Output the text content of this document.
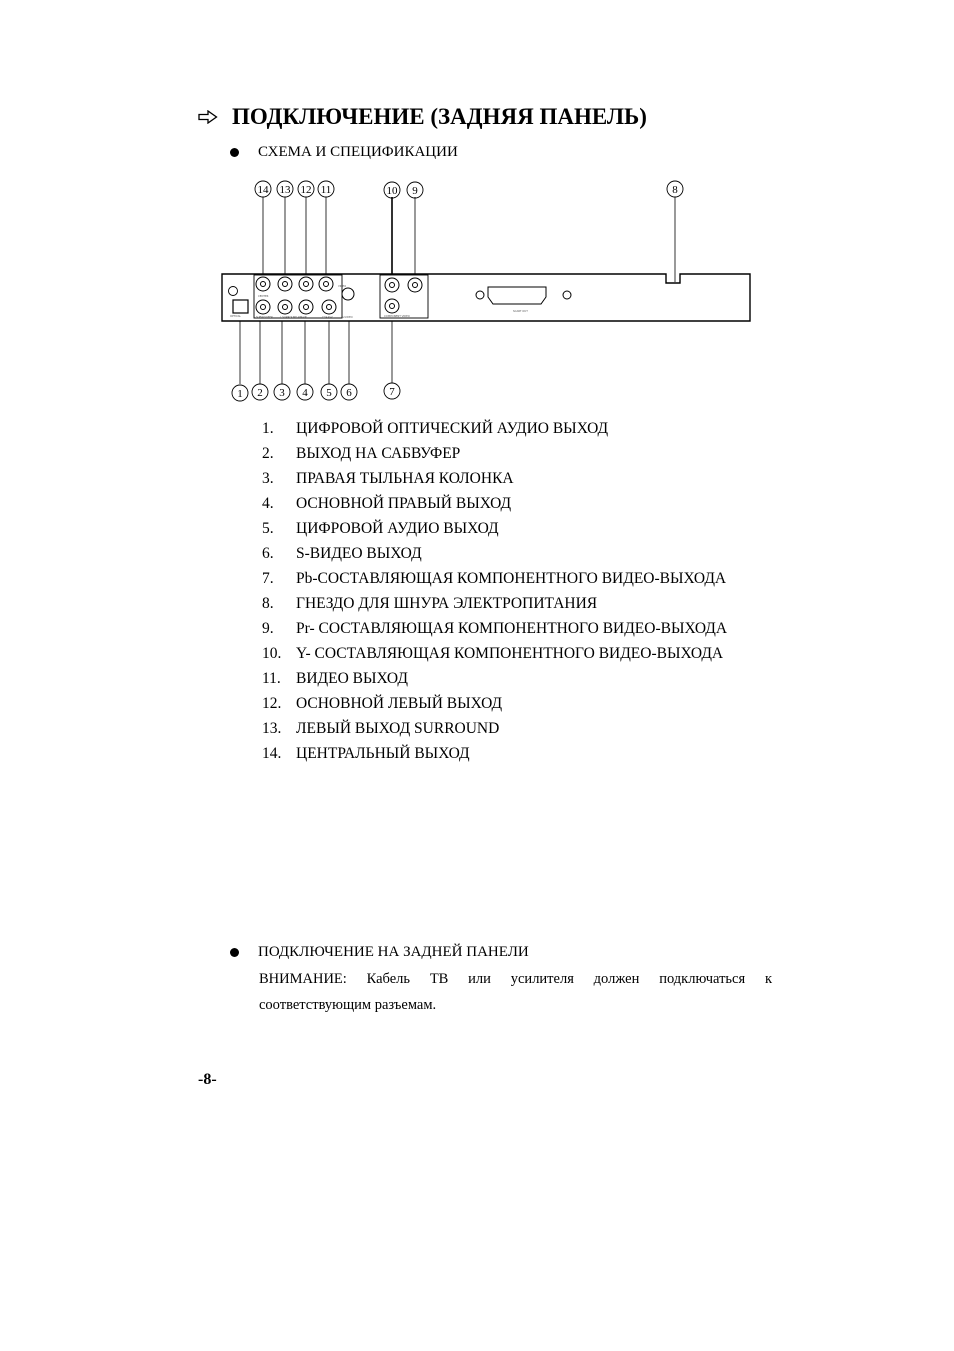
ПОДКЛЮЧЕНИЕ (ЗАДНЯЯ ПАНЕЛЬ)
СХЕМА И СПЕЦИФИКАЦИИ
CENTER
SUBWOOFER	L SURROUND R MAIN	COAXIAL	S-VIDEO
VIDEO
COMPONENT VIDEO
SCART OUT
OPTICAL
14 13 12 11	10 9	8
1 2 3 4 5 6	7
1.	ЦИФРОВОЙ ОПТИЧЕСКИЙ АУДИО ВЫХОД
2.	ВЫХОД НА САБВУФЕР
3.	ПРАВАЯ ТЫЛЬНАЯ КОЛОНКА
4.	ОСНОВНОЙ ПРАВЫЙ ВЫХОД
5.	ЦИФРОВОЙ АУДИО ВЫХОД
6.	S-ВИДЕО ВЫХОД
7.	Pb-СОСТАВЛЯЮЩАЯ КОМПОНЕНТНОГО ВИДЕО-ВЫХОДА
8.	ГНЕЗДО ДЛЯ ШНУРА ЭЛЕКТРОПИТАНИЯ
9.	Pr- СОСТАВЛЯЮЩАЯ КОМПОНЕНТНОГО ВИДЕО-ВЫХОДА
10. Y- СОСТАВЛЯЮЩАЯ КОМПОНЕНТНОГО ВИДЕО-ВЫХОДА
11. ВИДЕО ВЫХОД
12. ОСНОВНОЙ ЛЕВЫЙ ВЫХОД
13. ЛЕВЫЙ ВЫХОД SURROUND
14. ЦЕНТРАЛЬНЫЙ ВЫХОД
ПОДКЛЮЧЕНИЕ НА ЗАДНЕЙ ПАНЕЛИ
ВНИМАНИЕ: Кабель ТВ или усилителя должен подключаться к соответствующим разъемам.
-8-
